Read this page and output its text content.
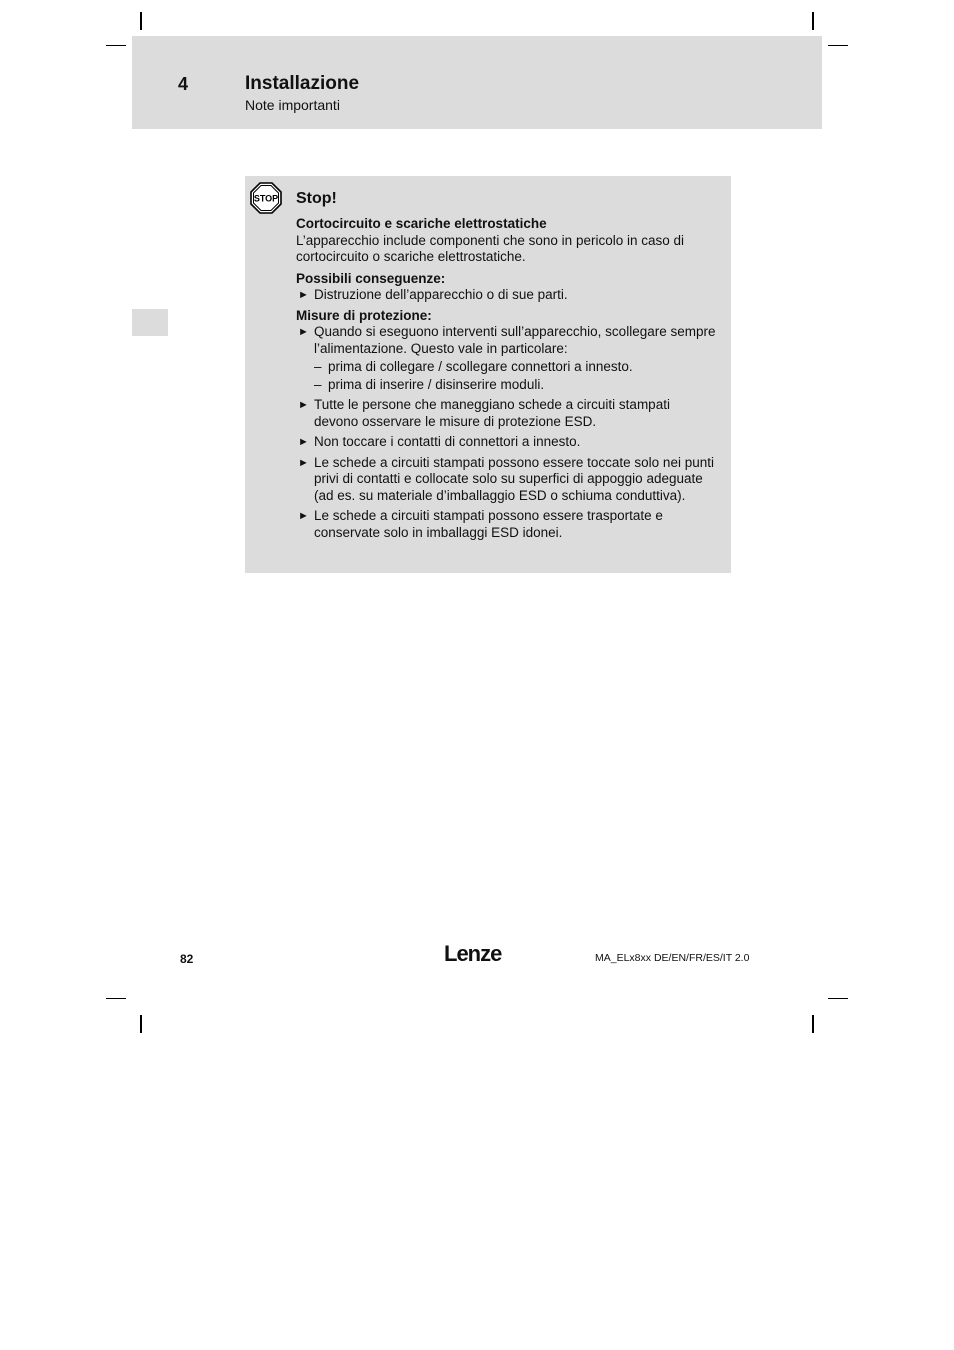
4	Installazione
Note importanti
STOP Stop!

Cortocircuito e scariche elettrostatiche

L’apparecchio include componenti che sono in pericolo in caso di cortocircuito o scariche elettrostatiche.

Possibili conseguenze:

► Distruzione dell’apparecchio o di sue parti.

Misure di protezione:

► Quando si eseguono interventi sull’apparecchio, scollegare sempre l’alimentazione. Questo vale in particolare:
– prima di collegare / scollegare connettori a innesto.
– prima di inserire / disinserire moduli.
► Tutte le persone che maneggiano schede a circuiti stampati devono osservare le misure di protezione ESD.
► Non toccare i contatti di connettori a innesto.
► Le schede a circuiti stampati possono essere toccate solo nei punti privi di contatti e collocate solo su superfici di appoggio adeguate (ad es. su materiale d’imballaggio ESD o schiuma conduttiva).
► Le schede a circuiti stampati possono essere trasportate e conservate solo in imballaggi ESD idonei.
82	Lenze	MA_ELx8xx DE/EN/FR/ES/IT 2.0
